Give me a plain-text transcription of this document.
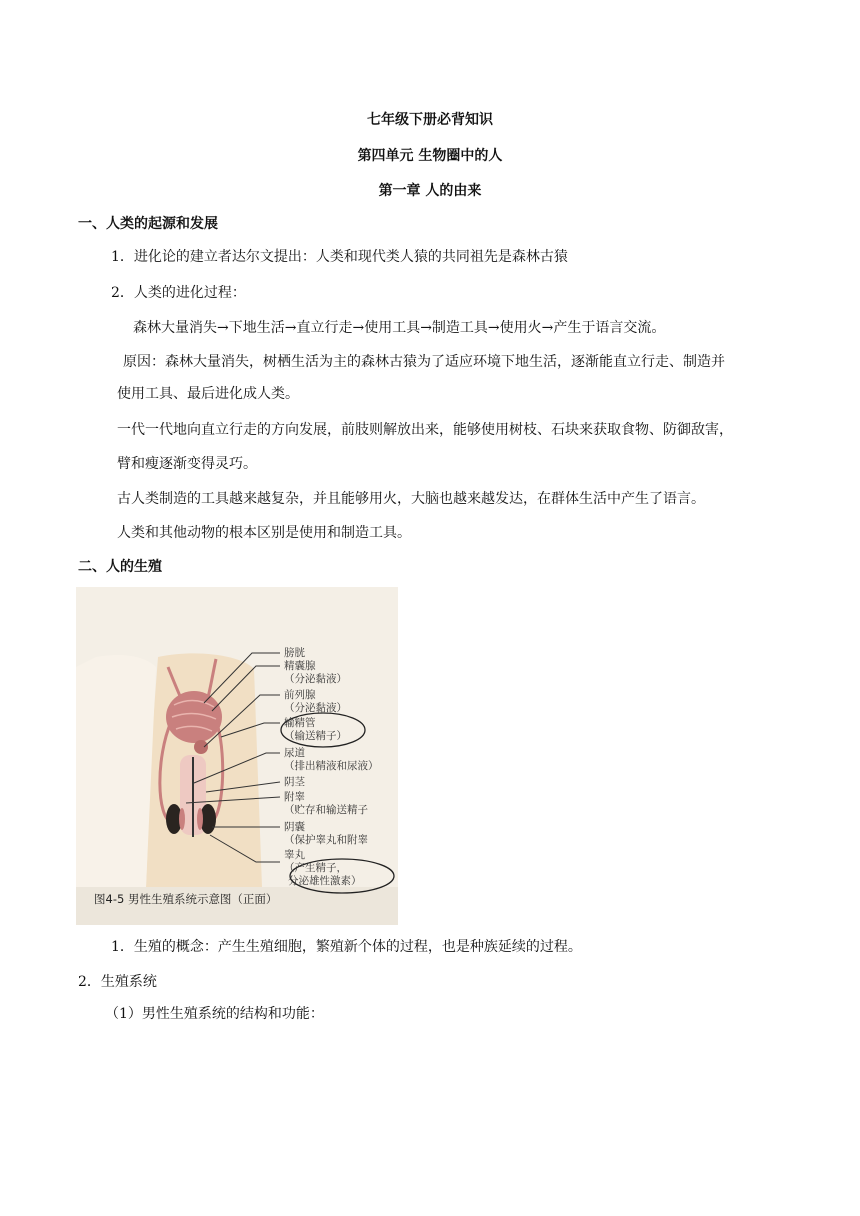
七年级下册必背知识
第四单元 生物圈中的人
第一章 人的由来
一、人类的起源和发展
1．进化论的建立者达尔文提出：人类和现代类人猿的共同祖先是森林古猿
2．人类的进化过程：
森林大量消失→下地生活→直立行走→使用工具→制造工具→使用火→产生于语言交流。
原因：森林大量消失，树栖生活为主的森林古猿为了适应环境下地生活，逐渐能直立行走、制造并
使用工具、最后进化成人类。
一代一代地向直立行走的方向发展，前肢则解放出来，能够使用树枝、石块来获取食物、防御敌害，
臂和瘦逐渐变得灵巧。
古人类制造的工具越来越复杂，并且能够用火，大脑也越来越发达，在群体生活中产生了语言。
人类和其他动物的根本区别是使用和制造工具。
二、人的生殖
膀胱
精囊腺
（分泌黏液）
前列腺
（分泌黏液）
输精管
（输送精子）
尿道
（排出精液和尿液）
阴茎
附睾
（贮存和输送精子
阴囊
（保护睾丸和附睾
睾丸
（产生精子，
分泌雄性激素）
图4-5 男性生殖系统示意图（正面）
1．生殖的概念：产生生殖细胞，繁殖新个体的过程，也是种族延续的过程。
2．生殖系统
（1）男性生殖系统的结构和功能：
